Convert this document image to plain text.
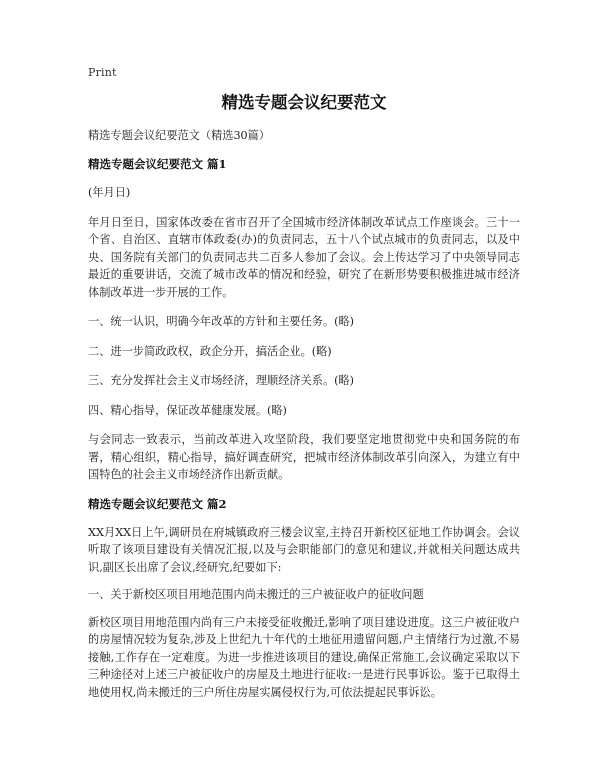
Print
精选专题会议纪要范文
精选专题会议纪要范文（精选30篇）
精选专题会议纪要范文 篇1

(年月日)

年月日至日，国家体改委在省市召开了全国城市经济体制改革试点工作座谈会。三十一个省、自治区、直辖市体政委(办)的负责同志，五十八个试点城市的负责同志，以及中央、国务院有关部门的负责同志共二百多人参加了会议。会上传达学习了中央领导同志最近的重要讲话，交流了城市改革的情况和经验，研究了在新形势要积极推进城市经济体制改革进一步开展的工作。

一、统一认识，明确今年改革的方针和主要任务。(略)

二、进一步简政政权，政企分开，搞活企业。(略)

三、充分发挥社会主义市场经济，理顺经济关系。(略)

四、精心指导，保证改革健康发展。(略)

与会同志一致表示，当前改革进入攻坚阶段，我们要坚定地贯彻党中央和国务院的布署，精心组织，精心指导，搞好调查研究，把城市经济体制改革引向深入，为建立有中国特色的社会主义市场经济作出新贡献。

精选专题会议纪要范文 篇2

XX月XX日上午,调研员在府城镇政府三楼会议室,主持召开新校区征地工作协调会。会议听取了该项目建设有关情况汇报,以及与会职能部门的意见和建议,并就相关问题达成共识,副区长出席了会议,经研究,纪要如下:

一、关于新校区项目用地范围内尚未搬迁的三户被征收户的征收问题

新校区项目用地范围内尚有三户未接受征收搬迁,影响了项目建设进度。这三户被征收户的房屋情况较为复杂,涉及上世纪九十年代的土地征用遗留问题,户主情绪行为过激,不易接触,工作存在一定难度。为进一步推进该项目的建设,确保正常施工,会议确定采取以下三种途径对上述三户被征收户的房屋及土地进行征收:一是进行民事诉讼。鉴于已取得土地使用权,尚未搬迁的三户所住房屋实属侵权行为,可依法提起民事诉讼。
